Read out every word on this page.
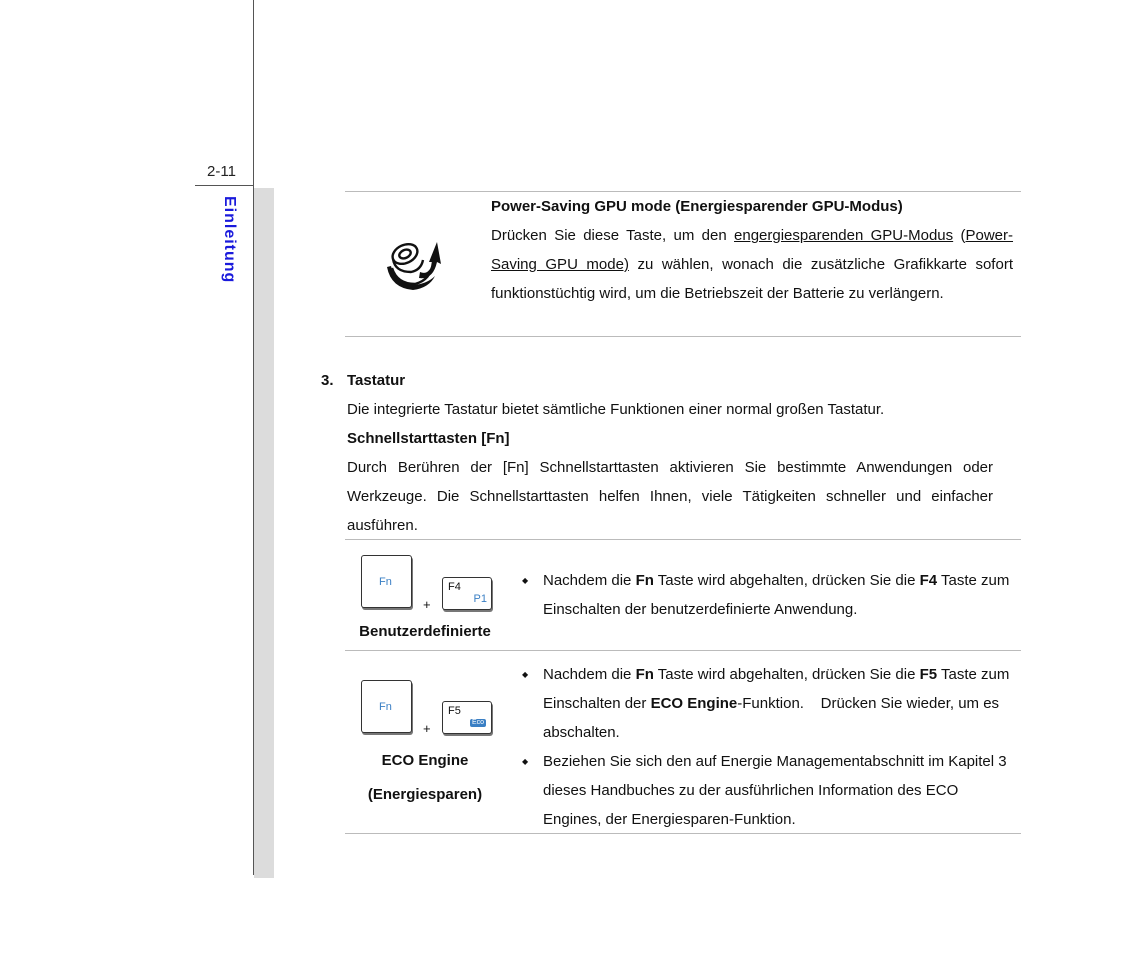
2-11
Einleitung	Power-Saving GPU mode (Energiesparender GPU-Modus)
Drücken Sie diese Taste, um den engergiesparenden GPU-Modus (Power-Saving GPU mode) zu wählen, wonach die zusätzliche Grafikkarte sofort funktionstüchtig wird, um die Betriebszeit der Batterie zu verlängern.
3. Tastatur
Die integrierte Tastatur bietet sämtliche Funktionen einer normal großen Tastatur.
Schnellstarttasten [Fn]
Durch Berühren der [Fn] Schnellstarttasten aktivieren Sie bestimmte Anwendungen oder Werkzeuge. Die Schnellstarttasten helfen Ihnen, viele Tätigkeiten schneller und einfacher ausführen.
Fn
+
F4
P1
Benutzerdefinierte
◆ Nachdem die Fn Taste wird abgehalten, drücken Sie die F4 Taste zum Einschalten der benutzerdefinierte Anwendung.
Fn
+
F5
Eco
ECO Engine
(Energiesparen)
◆ Nachdem die Fn Taste wird abgehalten, drücken Sie die F5 Taste zum Einschalten der ECO Engine-Funktion.    Drücken Sie wieder, um es abschalten.
◆ Beziehen Sie sich den auf Energie Managementabschnitt im Kapitel 3 dieses Handbuches zu der ausführlichen Information des ECO Engines, der Energiesparen-Funktion.
